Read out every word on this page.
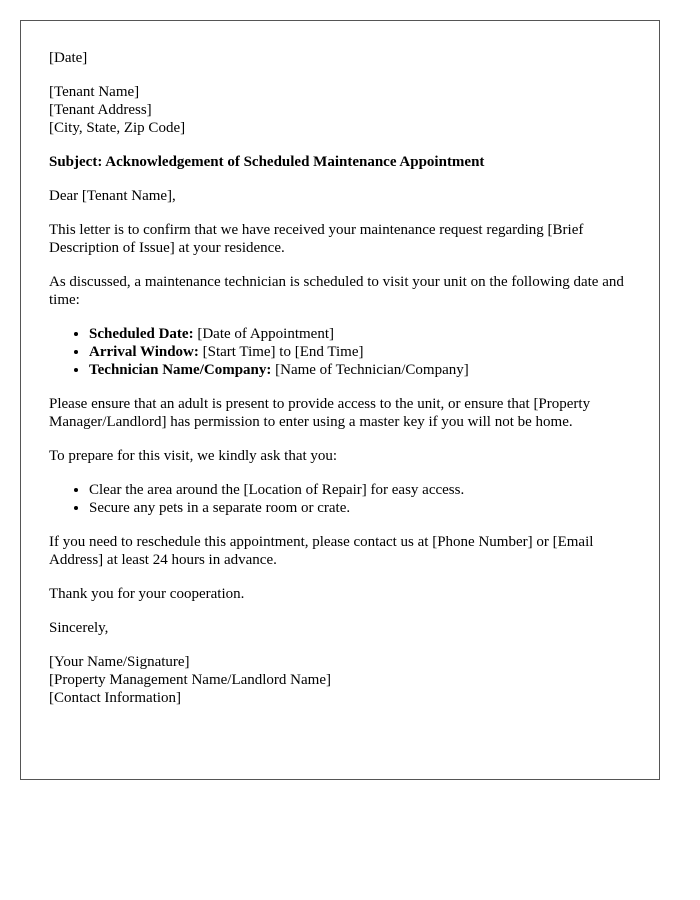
[Date]
[Tenant Name]
[Tenant Address]
[City, State, Zip Code]
Subject: Acknowledgement of Scheduled Maintenance Appointment
Dear [Tenant Name],
This letter is to confirm that we have received your maintenance request regarding [Brief Description of Issue] at your residence.
As discussed, a maintenance technician is scheduled to visit your unit on the following date and time:
• Scheduled Date: [Date of Appointment]
• Arrival Window: [Start Time] to [End Time]
• Technician Name/Company: [Name of Technician/Company]
Please ensure that an adult is present to provide access to the unit, or ensure that [Property Manager/Landlord] has permission to enter using a master key if you will not be home.
To prepare for this visit, we kindly ask that you:
• Clear the area around the [Location of Repair] for easy access.
• Secure any pets in a separate room or crate.
If you need to reschedule this appointment, please contact us at [Phone Number] or [Email Address] at least 24 hours in advance.
Thank you for your cooperation.
Sincerely,
[Your Name/Signature]
[Property Management Name/Landlord Name]
[Contact Information]
